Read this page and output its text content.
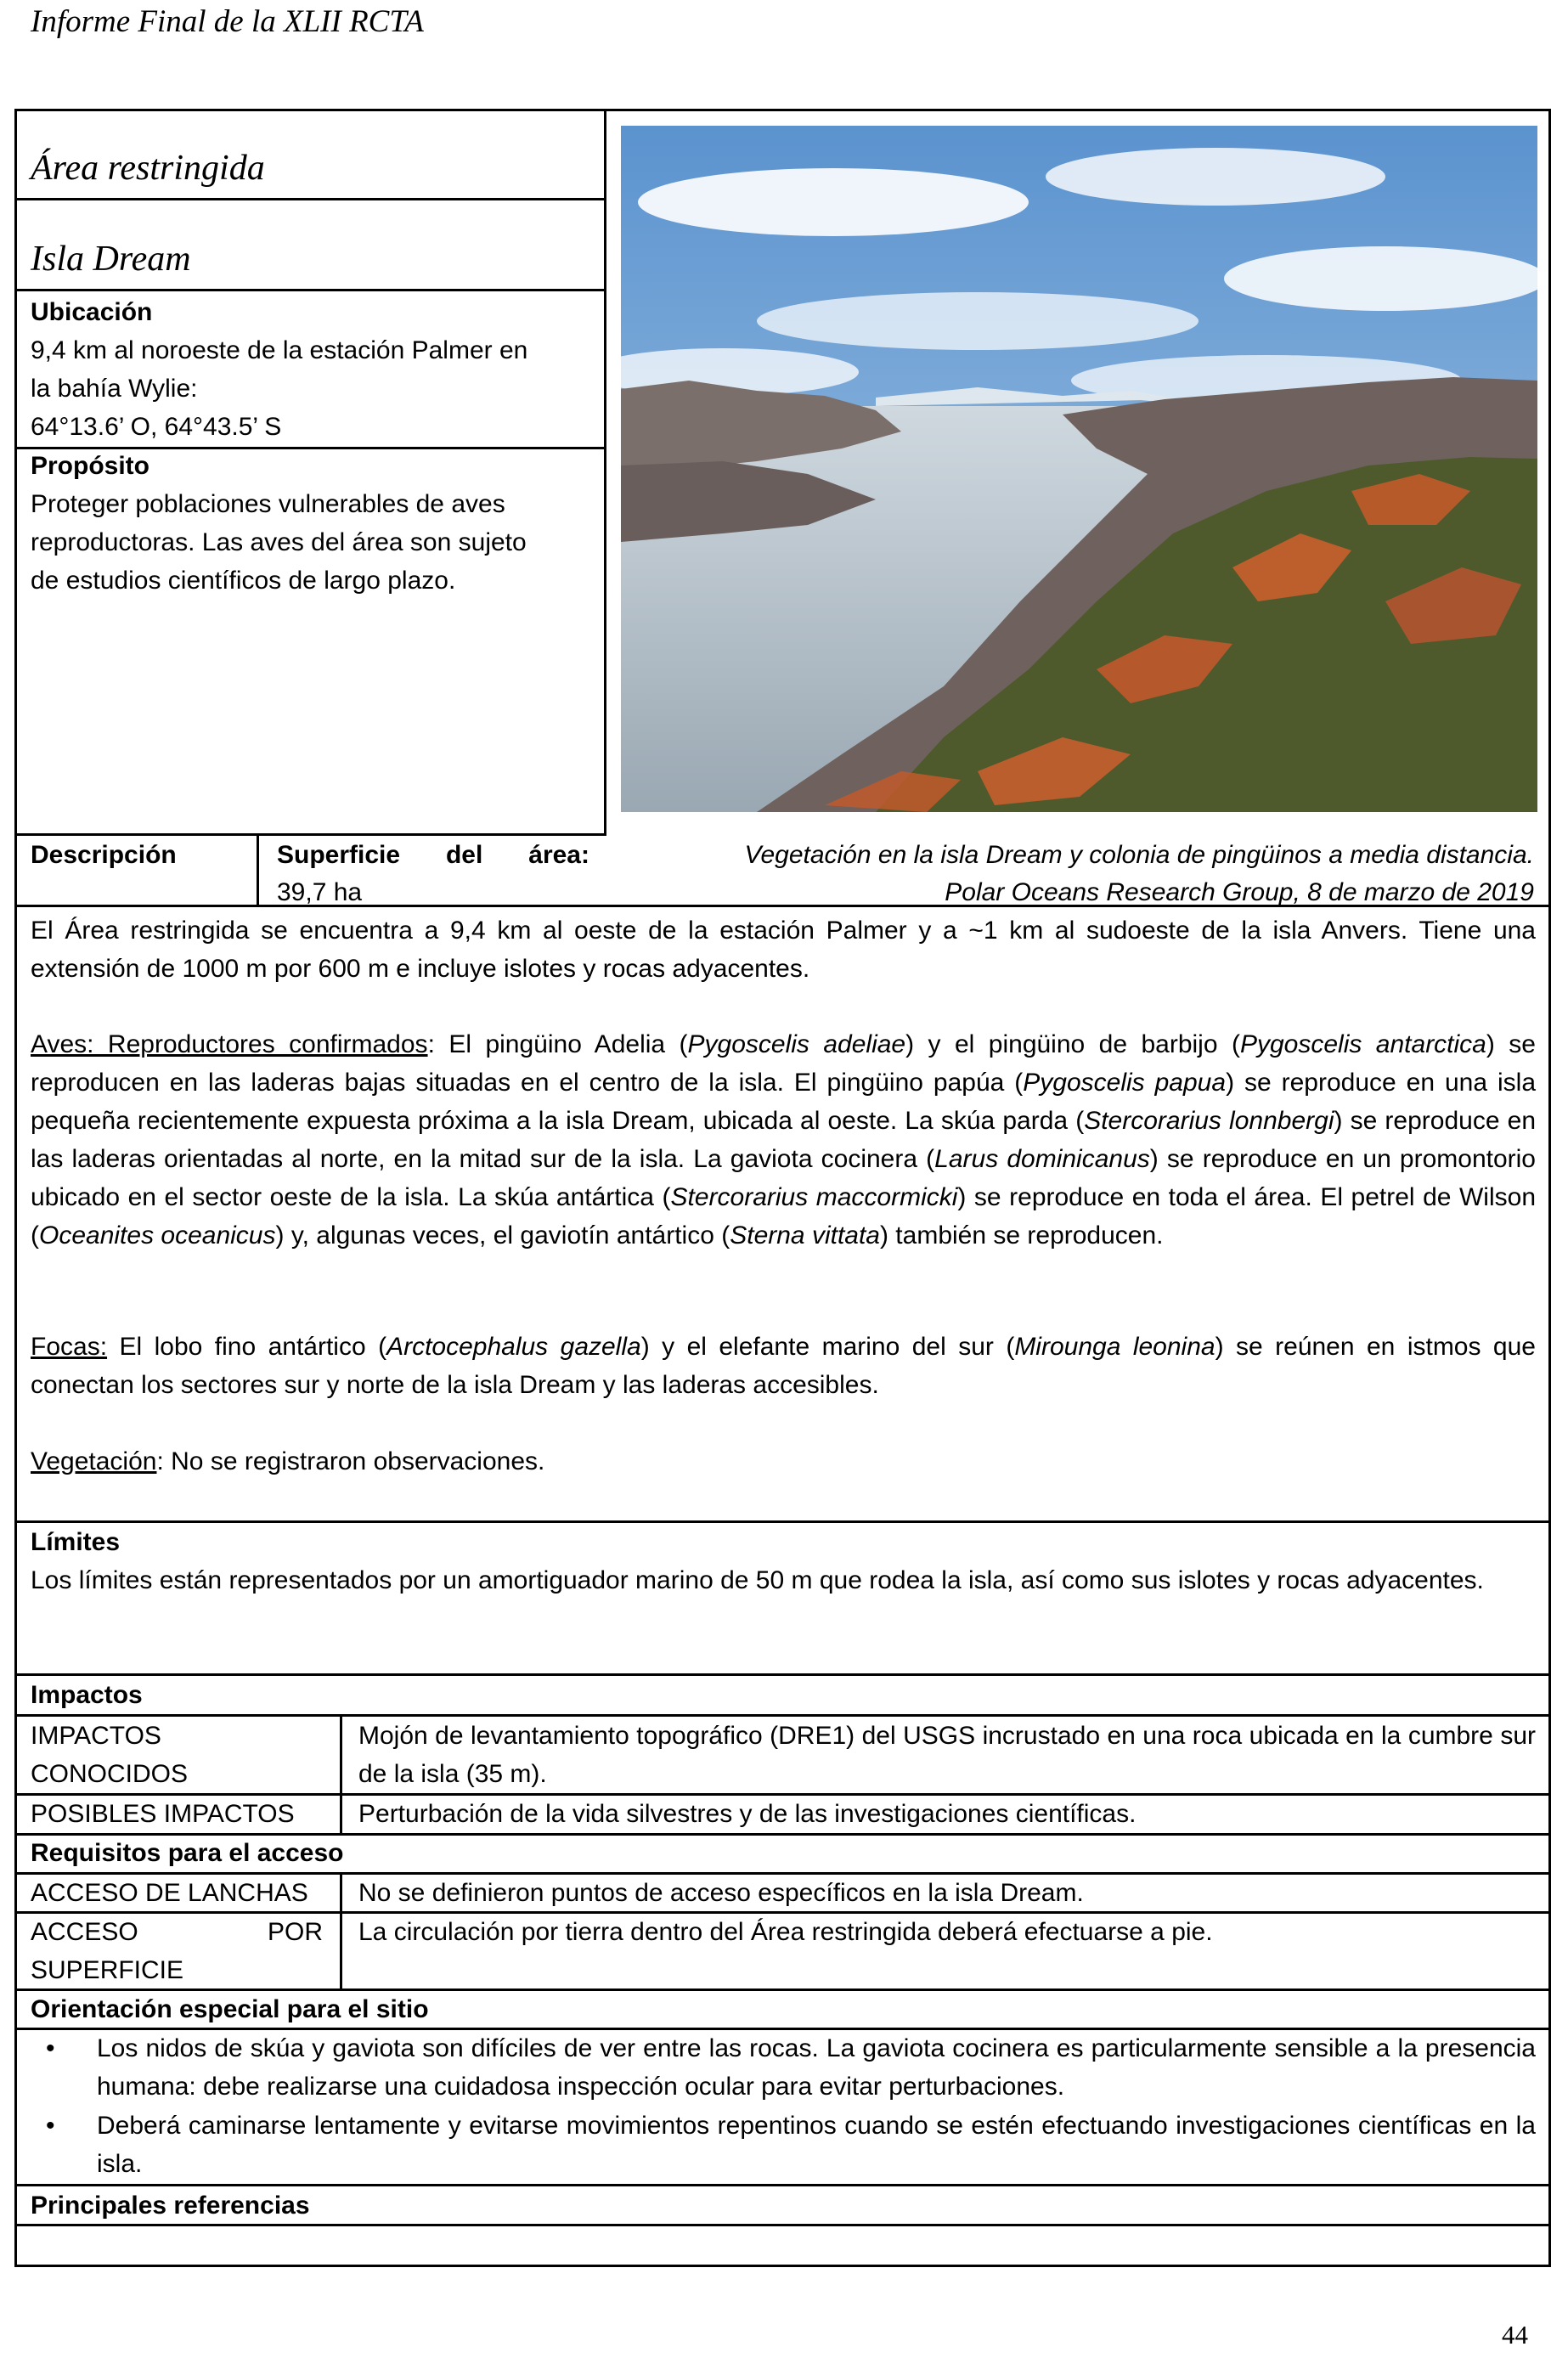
Informe Final de la XLII RCTA
Área restringida
Isla Dream
Ubicación
9,4 km al noroeste de la estación Palmer en
la bahía Wylie:
64°13.6’ O, 64°43.5’ S
Propósito
Proteger poblaciones vulnerables de aves
reproductoras. Las aves del área son sujeto
de estudios científicos de largo plazo.
Descripción	Superficie del área:
39,7 ha
Vegetación en la isla Dream y colonia de pingüinos a media distancia.
Polar Oceans Research Group, 8 de marzo de 2019
El Área restringida se encuentra a 9,4 km al oeste de la estación Palmer y a ~1 km al sudoeste de la isla Anvers. Tiene una extensión de 1000 m por 600 m e incluye islotes y rocas adyacentes.
Aves: Reproductores confirmados: El pingüino Adelia (Pygoscelis adeliae) y el pingüino de barbijo (Pygoscelis antarctica) se reproducen en las laderas bajas situadas en el centro de la isla. El pingüino papúa (Pygoscelis papua) se reproduce en una isla pequeña recientemente expuesta próxima a la isla Dream, ubicada al oeste. La skúa parda (Stercorarius lonnbergi) se reproduce en las laderas orientadas al norte, en la mitad sur de la isla. La gaviota cocinera (Larus dominicanus) se reproduce en un promontorio ubicado en el sector oeste de la isla. La skúa antártica (Stercorarius maccormicki) se reproduce en toda el área. El petrel de Wilson (Oceanites oceanicus) y, algunas veces, el gaviotín antártico (Sterna vittata) también se reproducen.
Focas: El lobo fino antártico (Arctocephalus gazella) y el elefante marino del sur (Mirounga leonina) se reúnen en istmos que conectan los sectores sur y norte de la isla Dream y las laderas accesibles.
Vegetación: No se registraron observaciones.
Límites
Los límites están representados por un amortiguador marino de 50 m que rodea la isla, así como sus islotes y rocas adyacentes.
Impactos
IMPACTOS
CONOCIDOS
Mojón de levantamiento topográfico (DRE1) del USGS incrustado en una roca ubicada en la cumbre sur de la isla (35 m).
POSIBLES IMPACTOS	Perturbación de la vida silvestres y de las investigaciones científicas.
Requisitos para el acceso
ACCESO DE LANCHAS No se definieron puntos de acceso específicos en la isla Dream.
ACCESO POR
SUPERFICIE
La circulación por tierra dentro del Área restringida deberá efectuarse a pie.
Orientación especial para el sitio
• Los nidos de skúa y gaviota son difíciles de ver entre las rocas. La gaviota cocinera es particularmente sensible a la presencia humana: debe realizarse una cuidadosa inspección ocular para evitar perturbaciones.
• Deberá caminarse lentamente y evitarse movimientos repentinos cuando se estén efectuando investigaciones científicas en la isla.
Principales referencias
44
